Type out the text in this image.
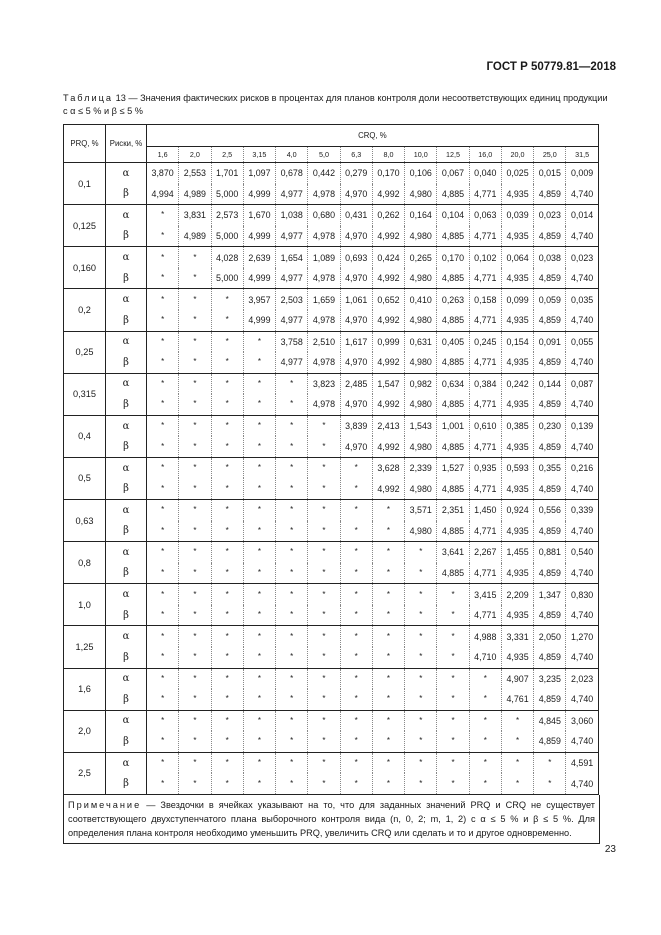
ГОСТ Р 50779.81—2018
Таблица 13 — Значения фактических рисков в процентах для планов контроля доли несоответствующих единиц продукции с α ≤ 5 % и β ≤ 5 %
PRQ, %	Риски, %	CRQ, %													
		1,6	2,0	2,5	3,15	4,0	5,0	6,3	8,0	10,0	12,5	16,0	20,0	25,0	31,5
0,1	α	3,870	2,553	1,701	1,097	0,678	0,442	0,279	0,170	0,106	0,067	0,040	0,025	0,015	0,009
	β	4,994	4,989	5,000	4,999	4,977	4,978	4,970	4,992	4,980	4,885	4,771	4,935	4,859	4,740
0,125	α	*	3,831	2,573	1,670	1,038	0,680	0,431	0,262	0,164	0,104	0,063	0,039	0,023	0,014
	β	*	4,989	5,000	4,999	4,977	4,978	4,970	4,992	4,980	4,885	4,771	4,935	4,859	4,740
0,160	α	*	*	4,028	2,639	1,654	1,089	0,693	0,424	0,265	0,170	0,102	0,064	0,038	0,023
	β	*	*	5,000	4,999	4,977	4,978	4,970	4,992	4,980	4,885	4,771	4,935	4,859	4,740
0,2	α	*	*	*	3,957	2,503	1,659	1,061	0,652	0,410	0,263	0,158	0,099	0,059	0,035
	β	*	*	*	4,999	4,977	4,978	4,970	4,992	4,980	4,885	4,771	4,935	4,859	4,740
0,25	α	*	*	*	*	3,758	2,510	1,617	0,999	0,631	0,405	0,245	0,154	0,091	0,055
	β	*	*	*	*	4,977	4,978	4,970	4,992	4,980	4,885	4,771	4,935	4,859	4,740
0,315	α	*	*	*	*	*	3,823	2,485	1,547	0,982	0,634	0,384	0,242	0,144	0,087
	β	*	*	*	*	*	4,978	4,970	4,992	4,980	4,885	4,771	4,935	4,859	4,740
0,4	α	*	*	*	*	*	*	3,839	2,413	1,543	1,001	0,610	0,385	0,230	0,139
	β	*	*	*	*	*	*	4,970	4,992	4,980	4,885	4,771	4,935	4,859	4,740
0,5	α	*	*	*	*	*	*	*	3,628	2,339	1,527	0,935	0,593	0,355	0,216
	β	*	*	*	*	*	*	*	4,992	4,980	4,885	4,771	4,935	4,859	4,740
0,63	α	*	*	*	*	*	*	*	*	3,571	2,351	1,450	0,924	0,556	0,339
	β	*	*	*	*	*	*	*	*	4,980	4,885	4,771	4,935	4,859	4,740
0,8	α	*	*	*	*	*	*	*	*	*	3,641	2,267	1,455	0,881	0,540
	β	*	*	*	*	*	*	*	*	*	4,885	4,771	4,935	4,859	4,740
1,0	α	*	*	*	*	*	*	*	*	*	*	3,415	2,209	1,347	0,830
	β	*	*	*	*	*	*	*	*	*	*	4,771	4,935	4,859	4,740
1,25	α	*	*	*	*	*	*	*	*	*	*	4,988	3,331	2,050	1,270
	β	*	*	*	*	*	*	*	*	*	*	4,710	4,935	4,859	4,740
1,6	α	*	*	*	*	*	*	*	*	*	*	*	4,907	3,235	2,023
	β	*	*	*	*	*	*	*	*	*	*	*	4,761	4,859	4,740
2,0	α	*	*	*	*	*	*	*	*	*	*	*	*	4,845	3,060
	β	*	*	*	*	*	*	*	*	*	*	*	*	4,859	4,740
2,5	α	*	*	*	*	*	*	*	*	*	*	*	*	*	4,591
	β	*	*	*	*	*	*	*	*	*	*	*	*	*	4,740
Примечание — Звездочки в ячейках указывают на то, что для заданных значений PRQ и CRQ не существует соответствующего двухступенчатого плана выборочного контроля вида (n, 0, 2; m, 1, 2) с α ≤ 5 % и β ≤ 5 %. Для определения плана контроля необходимо уменьшить PRQ, увеличить CRQ или сделать и то и другое одновременно.
23
